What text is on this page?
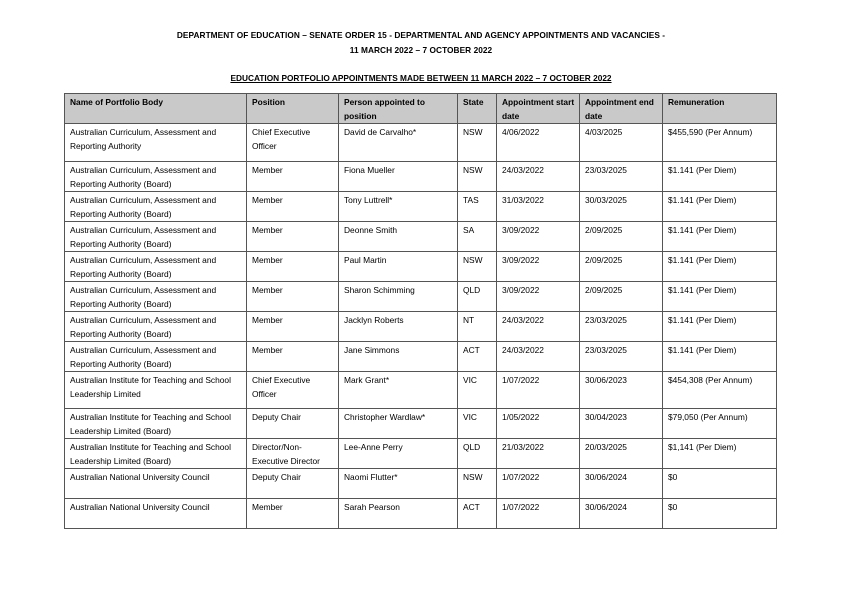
DEPARTMENT OF EDUCATION – SENATE ORDER 15 - DEPARTMENTAL AND AGENCY APPOINTMENTS AND VACANCIES -
11 MARCH 2022 – 7 OCTOBER 2022
EDUCATION PORTFOLIO APPOINTMENTS MADE BETWEEN 11 MARCH 2022 – 7 OCTOBER 2022
Name of Portfolio Body	Position	Person appointed to position	State	Appointment start date	Appointment end date	Remuneration
Australian Curriculum, Assessment and Reporting Authority	Chief Executive Officer	David de Carvalho*	NSW	4/06/2022	4/03/2025	$455,590 (Per Annum)
Australian Curriculum, Assessment and Reporting Authority (Board)	Member	Fiona Mueller	NSW	24/03/2022	23/03/2025	$1.141 (Per Diem)
Australian Curriculum, Assessment and Reporting Authority (Board)	Member	Tony Luttrell*	TAS	31/03/2022	30/03/2025	$1.141 (Per Diem)
Australian Curriculum, Assessment and Reporting Authority (Board)	Member	Deonne Smith	SA	3/09/2022	2/09/2025	$1.141 (Per Diem)
Australian Curriculum, Assessment and Reporting Authority (Board)	Member	Paul Martin	NSW	3/09/2022	2/09/2025	$1.141 (Per Diem)
Australian Curriculum, Assessment and Reporting Authority (Board)	Member	Sharon Schimming	QLD	3/09/2022	2/09/2025	$1.141 (Per Diem)
Australian Curriculum, Assessment and Reporting Authority (Board)	Member	Jacklyn Roberts	NT	24/03/2022	23/03/2025	$1.141 (Per Diem)
Australian Curriculum, Assessment and Reporting Authority (Board)	Member	Jane Simmons	ACT	24/03/2022	23/03/2025	$1.141 (Per Diem)
Australian Institute for Teaching and School Leadership Limited	Chief Executive Officer	Mark Grant*	VIC	1/07/2022	30/06/2023	$454,308 (Per Annum)
Australian Institute for Teaching and School Leadership Limited (Board)	Deputy Chair	Christopher Wardlaw*	VIC	1/05/2022	30/04/2023	$79,050 (Per Annum)
Australian Institute for Teaching and School Leadership Limited (Board)	Director/Non-Executive Director	Lee-Anne Perry	QLD	21/03/2022	20/03/2025	$1,141 (Per Diem)
Australian National University Council	Deputy Chair	Naomi Flutter*	NSW	1/07/2022	30/06/2024	$0
Australian National University Council	Member	Sarah Pearson	ACT	1/07/2022	30/06/2024	$0
